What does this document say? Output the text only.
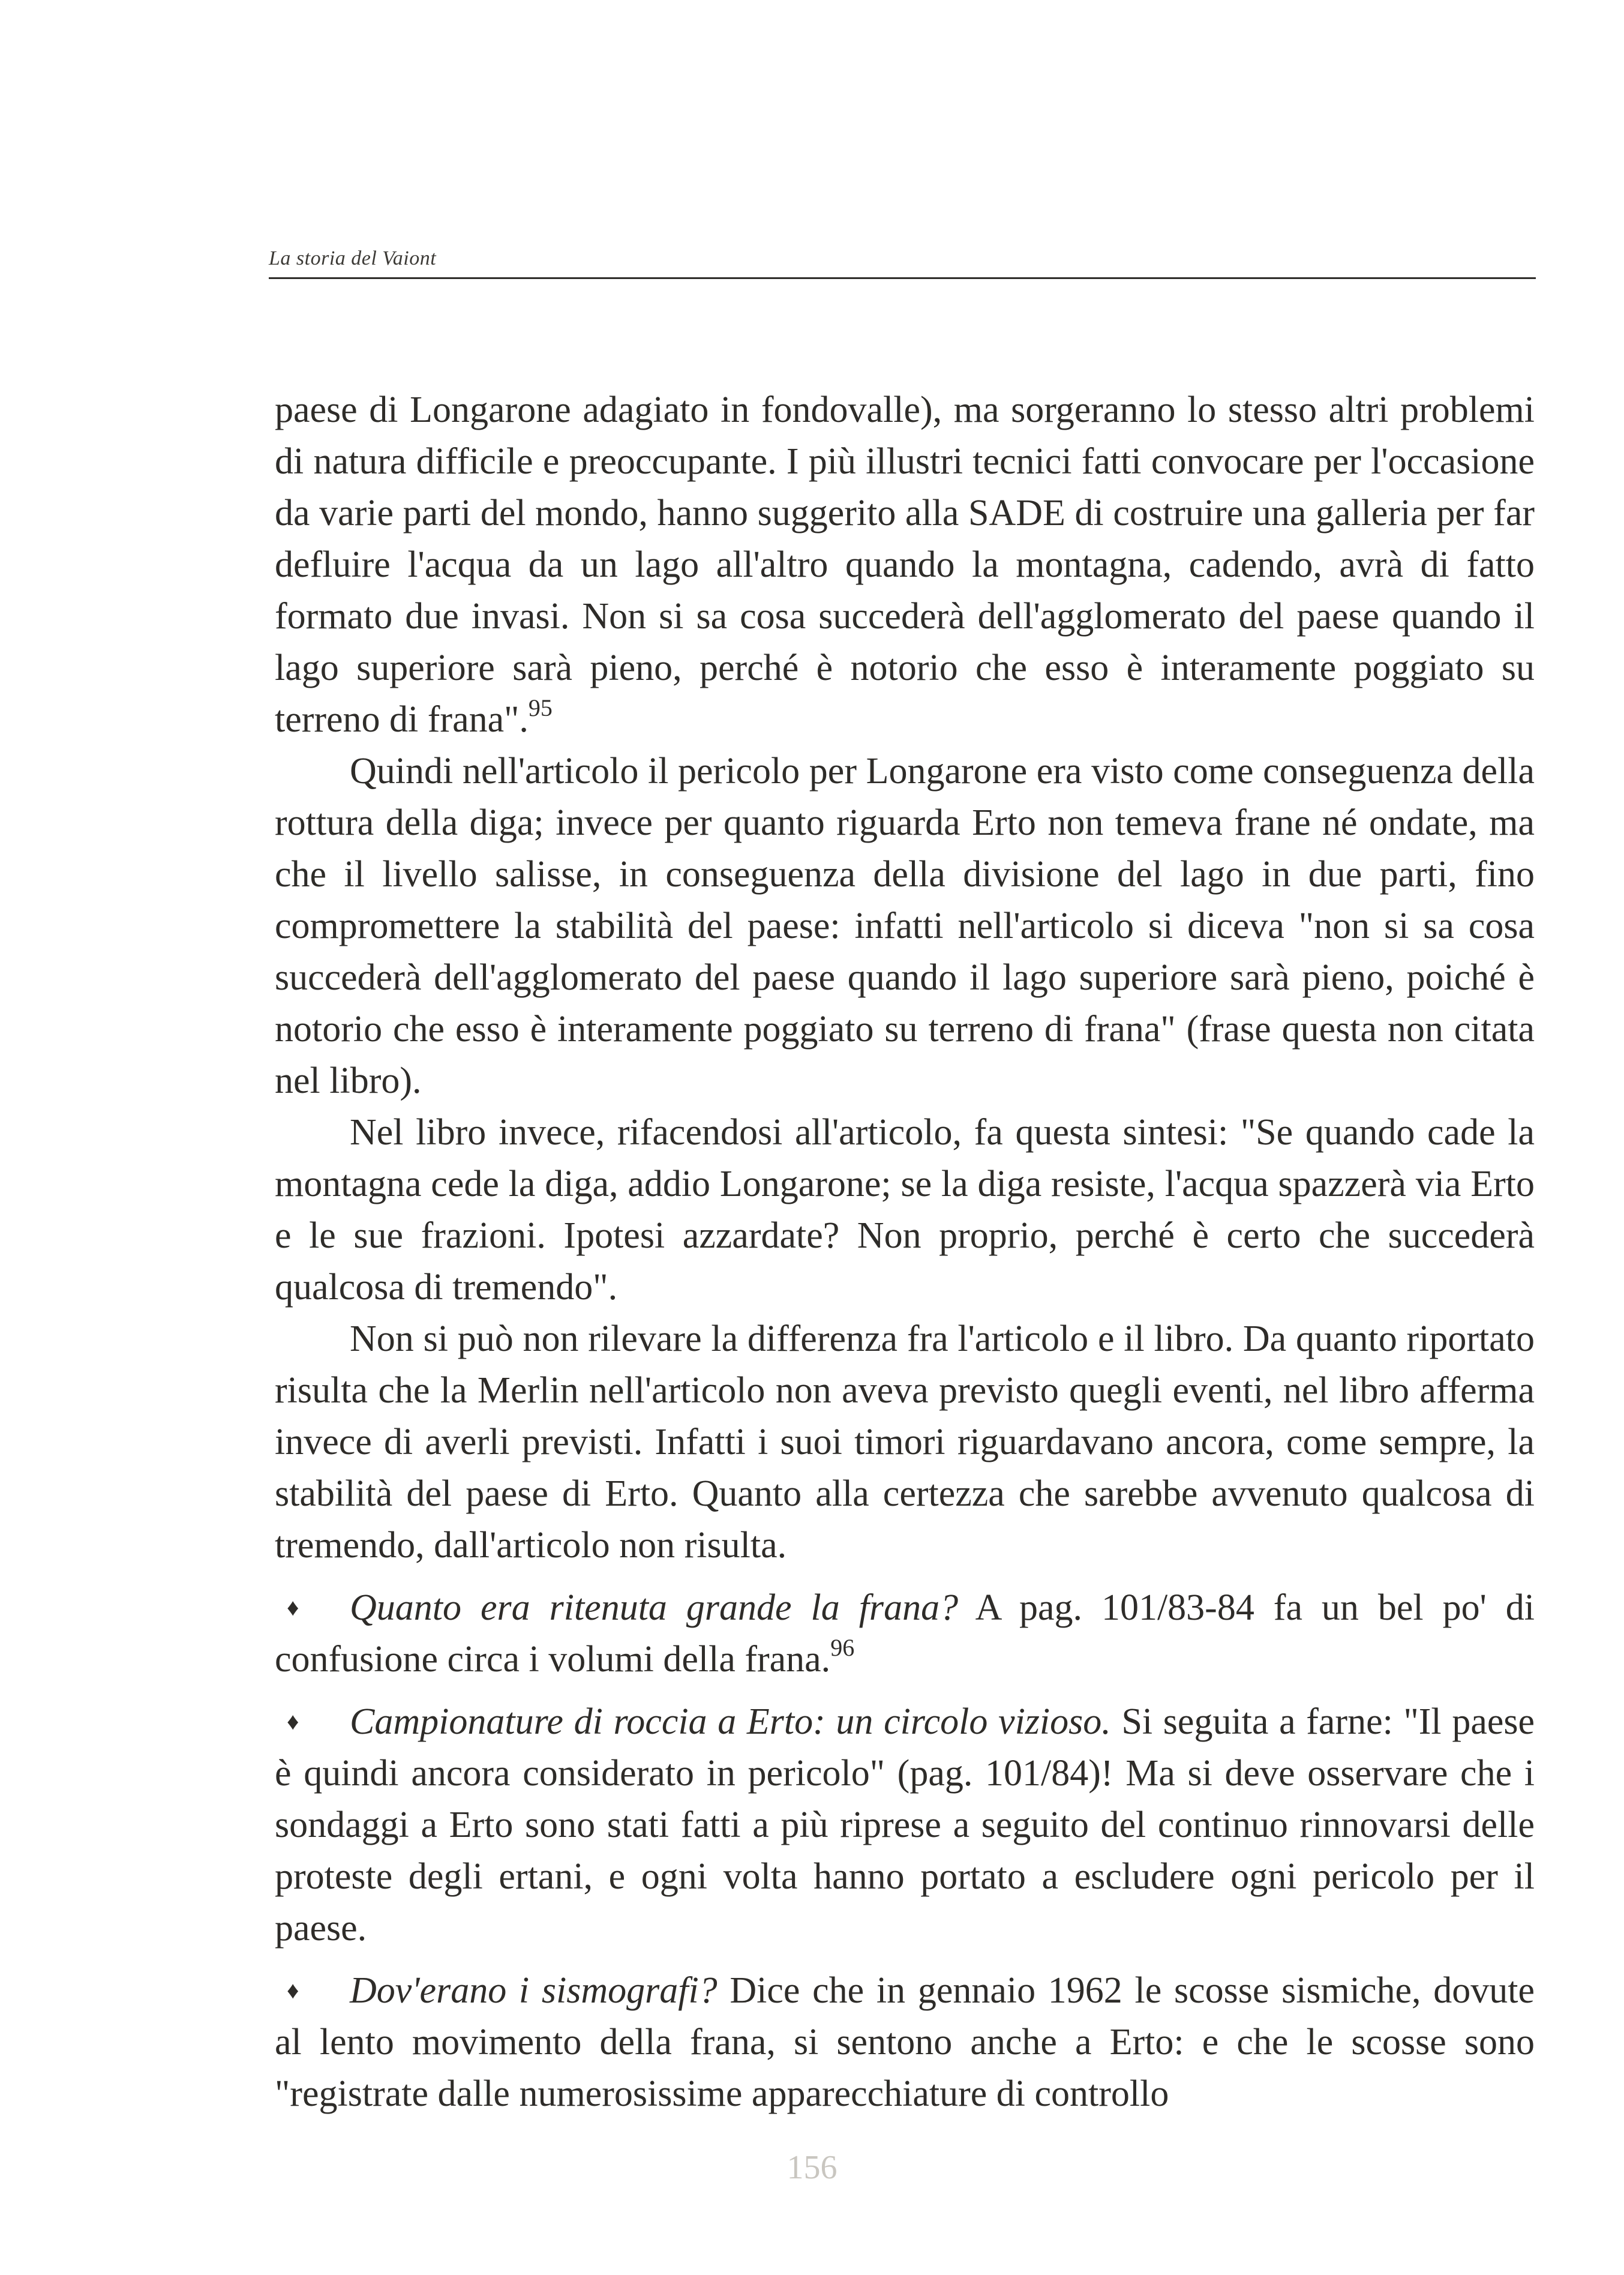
La storia del Vaiont

paese di Longarone adagiato in fondovalle), ma sorgeranno lo stesso altri problemi di natura difficile e preoccupante. I più illustri tecnici fatti convocare per l'occasione da varie parti del mondo, hanno suggerito alla SADE di costruire una galleria per far defluire l'acqua da un lago all'altro quando la montagna, cadendo, avrà di fatto formato due invasi. Non si sa cosa succederà dell'agglomerato del paese quando il lago superiore sarà pieno, perché è notorio che esso è interamente poggiato su terreno di frana".$^{95}$

Quindi nell'articolo il pericolo per Longarone era visto come conseguenza della rottura della diga; invece per quanto riguarda Erto non temeva frane né ondate, ma che il livello salisse, in conseguenza della divisione del lago in due parti, fino compromettere la stabilità del paese: infatti nell'articolo si diceva "non si sa cosa succederà dell'agglomerato del paese quando il lago superiore sarà pieno, poiché è notorio che esso è interamente poggiato su terreno di frana" (frase questa non citata nel libro).

Nel libro invece, rifacendosi all'articolo, fa questa sintesi: "Se quando cade la montagna cede la diga, addio Longarone; se la diga resiste, l'acqua spazzerà via Erto e le sue frazioni. Ipotesi azzardate? Non proprio, perché è certo che succederà qualcosa di tremendo".

Non si può non rilevare la differenza fra l'articolo e il libro. Da quanto riportato risulta che la Merlin nell'articolo non aveva previsto quegli eventi, nel libro afferma invece di averli previsti. Infatti i suoi timori riguardavano ancora, come sempre, la stabilità del paese di Erto. Quanto alla certezza che sarebbe avvenuto qualcosa di tremendo, dall'articolo non risulta.

♦ Quanto era ritenuta grande la frana? A pag. 101/83-84 fa un bel po' di confusione circa i volumi della frana.$^{96}$

♦ Campionature di roccia a Erto: un circolo vizioso. Si seguita a farne: "Il paese è quindi ancora considerato in pericolo" (pag. 101/84)! Ma si deve osservare che i sondaggi a Erto sono stati fatti a più riprese a seguito del continuo rinnovarsi delle proteste degli ertani, e ogni volta hanno portato a escludere ogni pericolo per il paese.

♦ Dov'erano i sismografi? Dice che in gennaio 1962 le scosse sismiche, dovute al lento movimento della frana, si sentono anche a Erto: e che le scosse sono "registrate dalle numerosissime apparecchiature di controllo

156
